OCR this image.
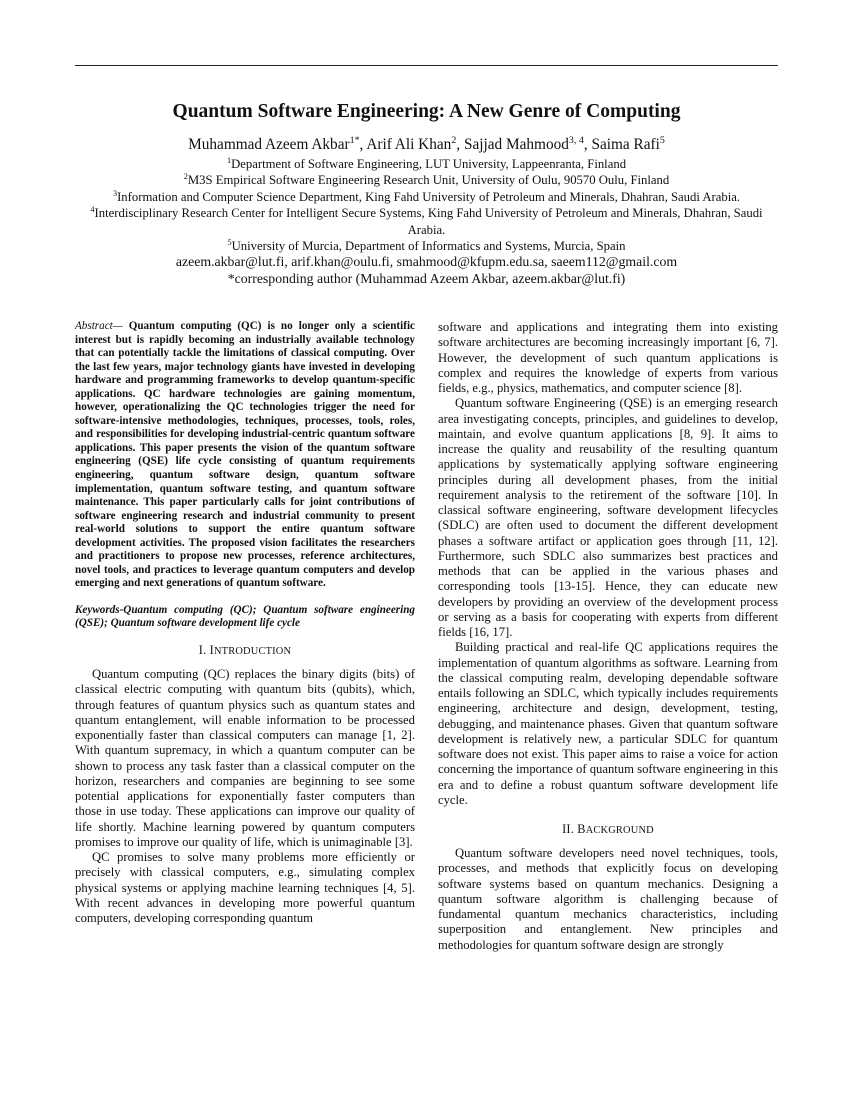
Quantum Software Engineering: A New Genre of Computing
Muhammad Azeem Akbar$^{1*}$, Arif Ali Khan$^2$, Sajjad Mahmood$^{3, 4}$, Saima Rafi$^5$
$^1$Department of Software Engineering, LUT University, Lappeenranta, Finland
$^2$M3S Empirical Software Engineering Research Unit, University of Oulu, 90570 Oulu, Finland
$^3$Information and Computer Science Department, King Fahd University of Petroleum and Minerals, Dhahran, Saudi Arabia.
$^4$Interdisciplinary Research Center for Intelligent Secure Systems, King Fahd University of Petroleum and Minerals, Dhahran, Saudi Arabia.
$^5$University of Murcia, Department of Informatics and Systems, Murcia, Spain
azeem.akbar@lut.fi, arif.khan@oulu.fi, smahmood@kfupm.edu.sa, saeem112@gmail.com
*corresponding author (Muhammad Azeem Akbar, azeem.akbar@lut.fi)
Abstract— Quantum computing (QC) is no longer only a scientific interest but is rapidly becoming an industrially available technology that can potentially tackle the limitations of classical computing. Over the last few years, major technology giants have invested in developing hardware and programming frameworks to develop quantum-specific applications. QC hardware technologies are gaining momentum, however, operationalizing the QC technologies trigger the need for software-intensive methodologies, techniques, processes, tools, roles, and responsibilities for developing industrial-centric quantum software applications. This paper presents the vision of the quantum software engineering (QSE) life cycle consisting of quantum requirements engineering, quantum software design, quantum software implementation, quantum software testing, and quantum software maintenance. This paper particularly calls for joint contributions of software engineering research and industrial community to present real-world solutions to support the entire quantum software development activities. The proposed vision facilitates the researchers and practitioners to propose new processes, reference architectures, novel tools, and practices to leverage quantum computers and develop emerging and next generations of quantum software.
Keywords-Quantum computing (QC); Quantum software engineering (QSE); Quantum software development life cycle
I. INTRODUCTION

Quantum computing (QC) replaces the binary digits (bits) of classical electric computing with quantum bits (qubits), which, through features of quantum physics such as quantum states and quantum entanglement, will enable information to be processed exponentially faster than classical computers can manage [1, 2]. With quantum supremacy, in which a quantum computer can be shown to process any task faster than a classical computer on the horizon, researchers and companies are beginning to see some potential applications for exponentially faster computers than those in use today. These applications can improve our quality of life shortly. Machine learning powered by quantum computers promises to improve our quality of life, which is unimaginable [3].

QC promises to solve many problems more efficiently or precisely with classical computers, e.g., simulating complex physical systems or applying machine learning techniques [4, 5]. With recent advances in developing more powerful quantum computers, developing corresponding quantum

software and applications and integrating them into existing software architectures are becoming increasingly important [6, 7]. However, the development of such quantum applications is complex and requires the knowledge of experts from various fields, e.g., physics, mathematics, and computer science [8].

Quantum software Engineering (QSE) is an emerging research area investigating concepts, principles, and guidelines to develop, maintain, and evolve quantum applications [8, 9]. It aims to increase the quality and reusability of the resulting quantum applications by systematically applying software engineering principles during all development phases, from the initial requirement analysis to the retirement of the software [10]. In classical software engineering, software development lifecycles (SDLC) are often used to document the different development phases a software artifact or application goes through [11, 12]. Furthermore, such SDLC also summarizes best practices and methods that can be applied in the various phases and corresponding tools [13-15]. Hence, they can educate new developers by providing an overview of the development process or serving as a basis for cooperating with experts from different fields [16, 17].

Building practical and real-life QC applications requires the implementation of quantum algorithms as software. Learning from the classical computing realm, developing dependable software entails following an SDLC, which typically includes requirements engineering, architecture and design, development, testing, debugging, and maintenance phases. Given that quantum software development is relatively new, a particular SDLC for quantum software does not exist. This paper aims to raise a voice for action concerning the importance of quantum software engineering in this era and to define a robust quantum software development life cycle.

II. BACKGROUND

Quantum software developers need novel techniques, tools, processes, and methods that explicitly focus on developing software systems based on quantum mechanics. Designing a quantum software algorithm is challenging because of fundamental quantum mechanics characteristics, including superposition and entanglement. New principles and methodologies for quantum software design are strongly
